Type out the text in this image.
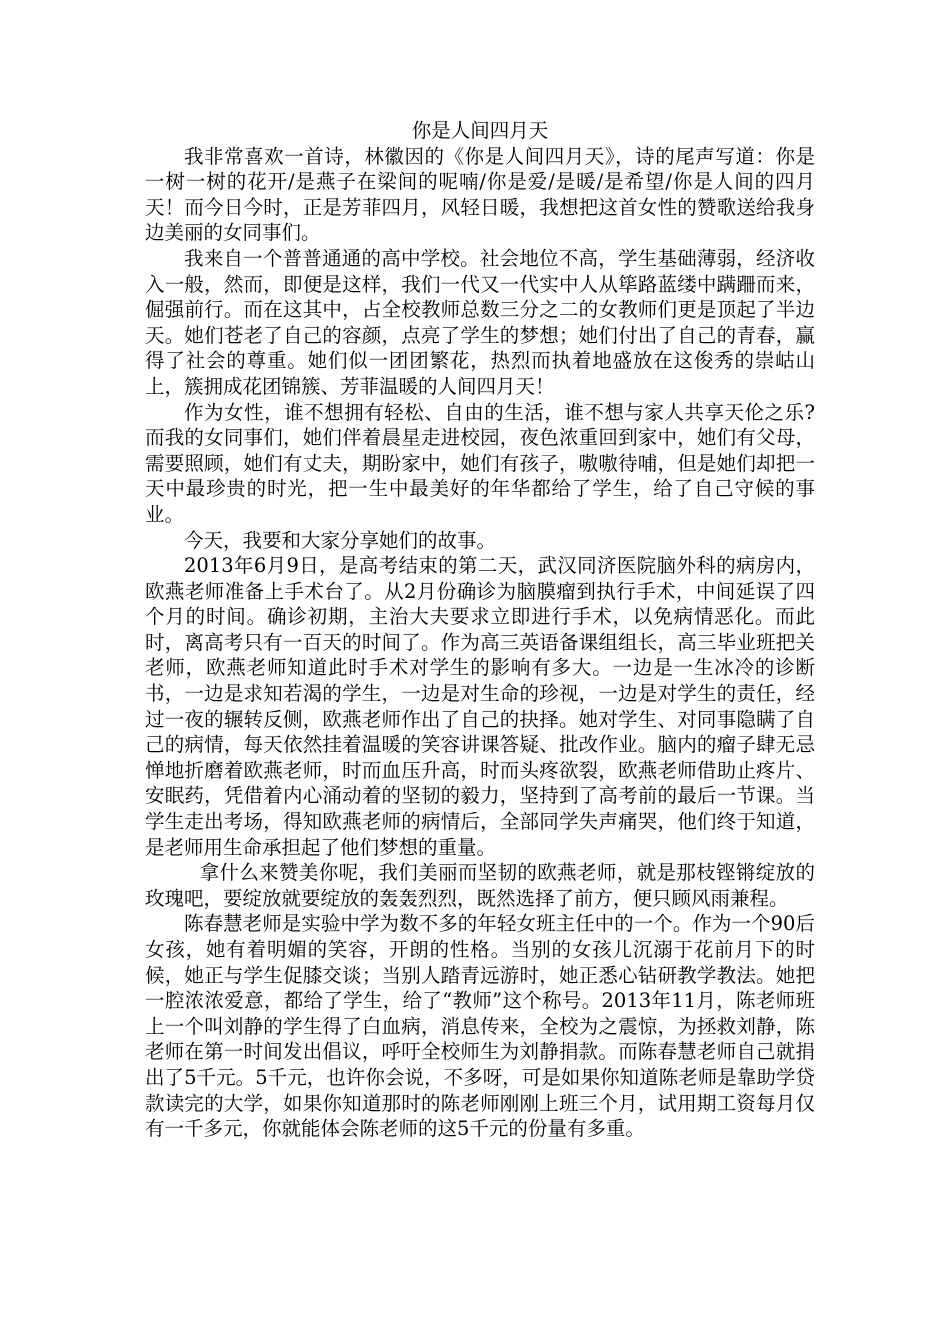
你是人间四月天

我非常喜欢一首诗，林徽因的《你是人间四月天》，诗的尾声写道：你是一树一树的花开/是燕子在梁间的呢喃/你是爱/是暖/是希望/你是人间的四月天！而今日今时，正是芳菲四月，风轻日暖，我想把这首女性的赞歌送给我身边美丽的女同事们。

我来自一个普普通通的高中学校。社会地位不高，学生基础薄弱，经济收入一般，然而，即便是这样，我们一代又一代实中人从筚路蓝缕中蹒跚而来，倔强前行。而在这其中，占全校教师总数三分之二的女教师们更是顶起了半边天。她们苍老了自己的容颜，点亮了学生的梦想；她们付出了自己的青春，赢得了社会的尊重。她们似一团团繁花，热烈而执着地盛放在这俊秀的崇岵山上，簇拥成花团锦簇、芳菲温暖的人间四月天！

作为女性，谁不想拥有轻松、自由的生活，谁不想与家人共享天伦之乐?而我的女同事们，她们伴着晨星走进校园，夜色浓重回到家中，她们有父母，需要照顾，她们有丈夫，期盼家中，她们有孩子，嗷嗷待哺，但是她们却把一天中最珍贵的时光，把一生中最美好的年华都给了学生，给了自己守候的事业。

今天，我要和大家分享她们的故事。

2013年6月9日，是高考结束的第二天，武汉同济医院脑外科的病房内，欧燕老师准备上手术台了。从2月份确诊为脑膜瘤到执行手术，中间延误了四个月的时间。确诊初期，主治大夫要求立即进行手术，以免病情恶化。而此时，离高考只有一百天的时间了。作为高三英语备课组组长，高三毕业班把关老师，欧燕老师知道此时手术对学生的影响有多大。一边是一生冰冷的诊断书，一边是求知若渴的学生，一边是对生命的珍视，一边是对学生的责任，经过一夜的辗转反侧，欧燕老师作出了自己的抉择。她对学生、对同事隐瞒了自己的病情，每天依然挂着温暖的笑容讲课答疑、批改作业。脑内的瘤子肆无忌惮地折磨着欧燕老师，时而血压升高，时而头疼欲裂，欧燕老师借助止疼片、安眠药，凭借着内心涌动着的坚韧的毅力，坚持到了高考前的最后一节课。当学生走出考场，得知欧燕老师的病情后，全部同学失声痛哭，他们终于知道，是老师用生命承担起了他们梦想的重量。

拿什么来赞美你呢，我们美丽而坚韧的欧燕老师，就是那枝铿锵绽放的玫瑰吧，要绽放就要绽放的轰轰烈烈，既然选择了前方，便只顾风雨兼程。

陈春慧老师是实验中学为数不多的年轻女班主任中的一个。作为一个90后女孩，她有着明媚的笑容，开朗的性格。当别的女孩儿沉溺于花前月下的时候，她正与学生促膝交谈；当别人踏青远游时，她正悉心钻研教学教法。她把一腔浓浓爱意，都给了学生，给了“教师”这个称号。2013年11月，陈老师班上一个叫刘静的学生得了白血病，消息传来，全校为之震惊，为拯救刘静，陈老师在第一时间发出倡议，呼吁全校师生为刘静捐款。而陈春慧老师自己就捐出了5千元。5千元，也许你会说，不多呀，可是如果你知道陈老师是靠助学贷款读完的大学，如果你知道那时的陈老师刚刚上班三个月，试用期工资每月仅有一千多元，你就能体会陈老师的这5千元的份量有多重。
